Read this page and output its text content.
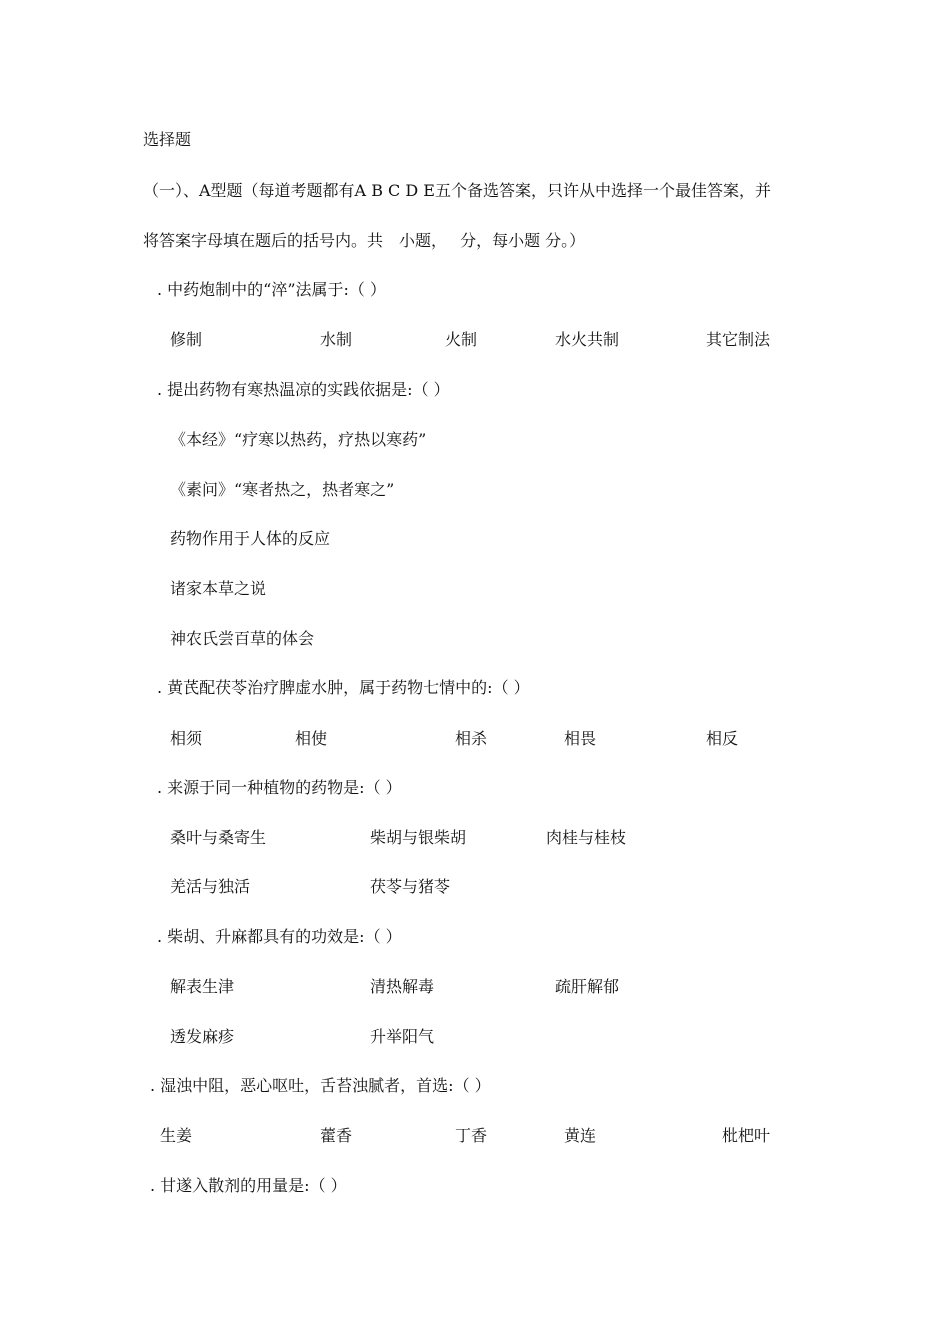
选择题
（一）、A型题（每道考题都有A B C D E五个备选答案，只许从中选择一个最佳答案，并
将答案字母填在题后的括号内。共　小题，　 分，每小题 分。）
. 中药炮制中的“淬”法属于:（ ）
修制	水制	火制	水火共制	其它制法
. 提出药物有寒热温凉的实践依据是:（ ）
《本经》“疗寒以热药，疗热以寒药”
《素问》“寒者热之，热者寒之”
药物作用于人体的反应
诸家本草之说
神农氏尝百草的体会
. 黄芪配茯苓治疗脾虚水肿，属于药物七情中的:（ ）
相须	相使	相杀	相畏	相反
. 来源于同一种植物的药物是:（ ）
桑叶与桑寄生	柴胡与银柴胡	肉桂与桂枝
羌活与独活	茯苓与猪苓
. 柴胡、升麻都具有的功效是:（ ）
解表生津	清热解毒	疏肝解郁
透发麻疹	升举阳气
. 湿浊中阻，恶心呕吐，舌苔浊腻者，首选:（ ）
生姜	藿香	丁香	黄连	枇杷叶
. 甘遂入散剂的用量是:（ ）
